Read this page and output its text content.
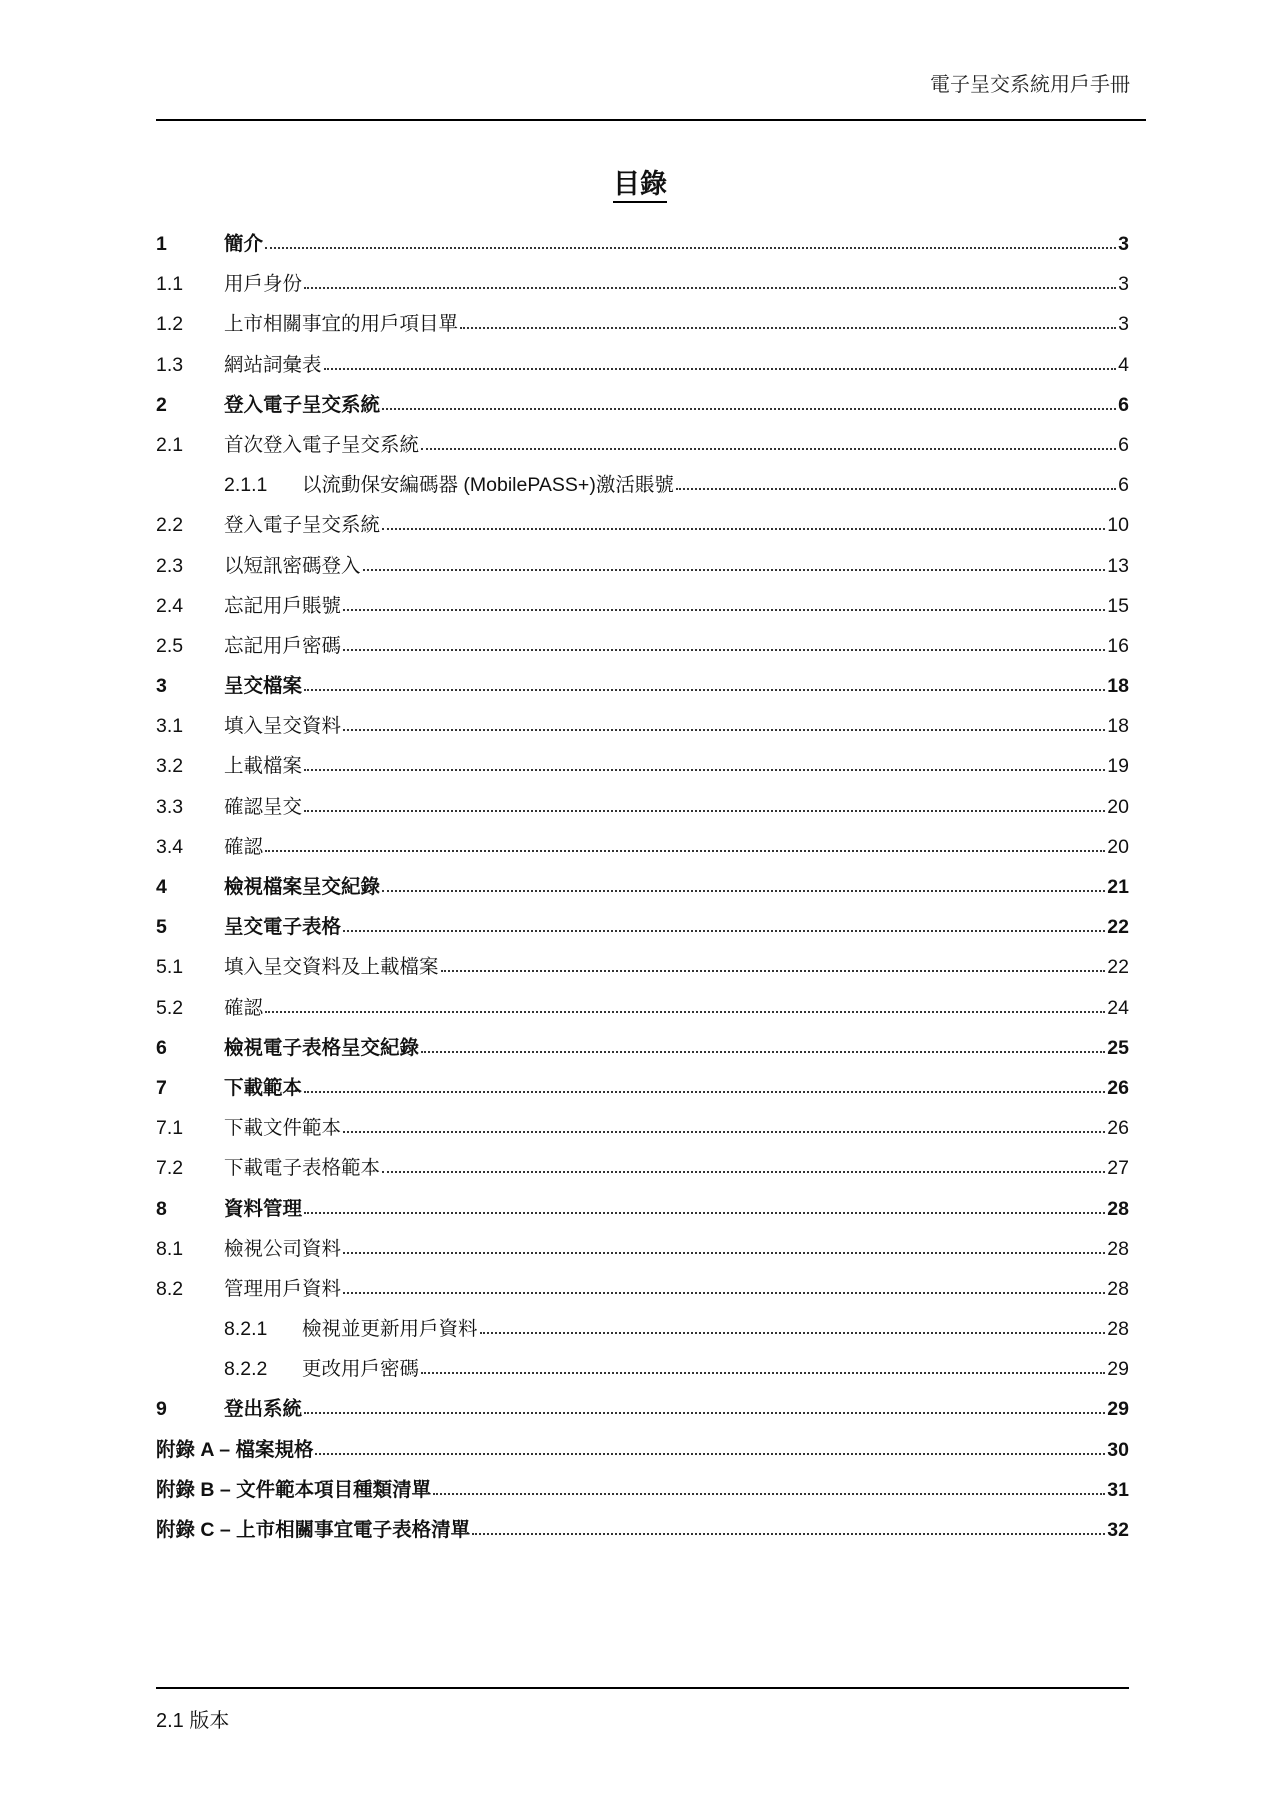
電子呈交系統用戶手冊
目錄
1	簡介	3
1.1	用戶身份	3
1.2	上市相關事宜的用戶項目單	3
1.3	網站詞彙表	4
2	登入電子呈交系統	6
2.1	首次登入電子呈交系統	6
2.1.1	以流動保安編碼器 (MobilePASS+)激活賬號	6
2.2	登入電子呈交系統	10
2.3	以短訊密碼登入	13
2.4	忘記用戶賬號	15
2.5	忘記用戶密碼	16
3	呈交檔案	18
3.1	填入呈交資料	18
3.2	上載檔案	19
3.3	確認呈交	20
3.4	確認	20
4	檢視檔案呈交紀錄	21
5	呈交電子表格	22
5.1	填入呈交資料及上載檔案	22
5.2	確認	24
6	檢視電子表格呈交紀錄	25
7	下載範本	26
7.1	下載文件範本	26
7.2	下載電子表格範本	27
8	資料管理	28
8.1	檢視公司資料	28
8.2	管理用戶資料	28
8.2.1	檢視並更新用戶資料	28
8.2.2	更改用戶密碼	29
9	登出系統	29
附錄 A – 檔案規格	30
附錄 B – 文件範本項目種類清單	31
附錄 C – 上市相關事宜電子表格清單	32
2.1 版本
